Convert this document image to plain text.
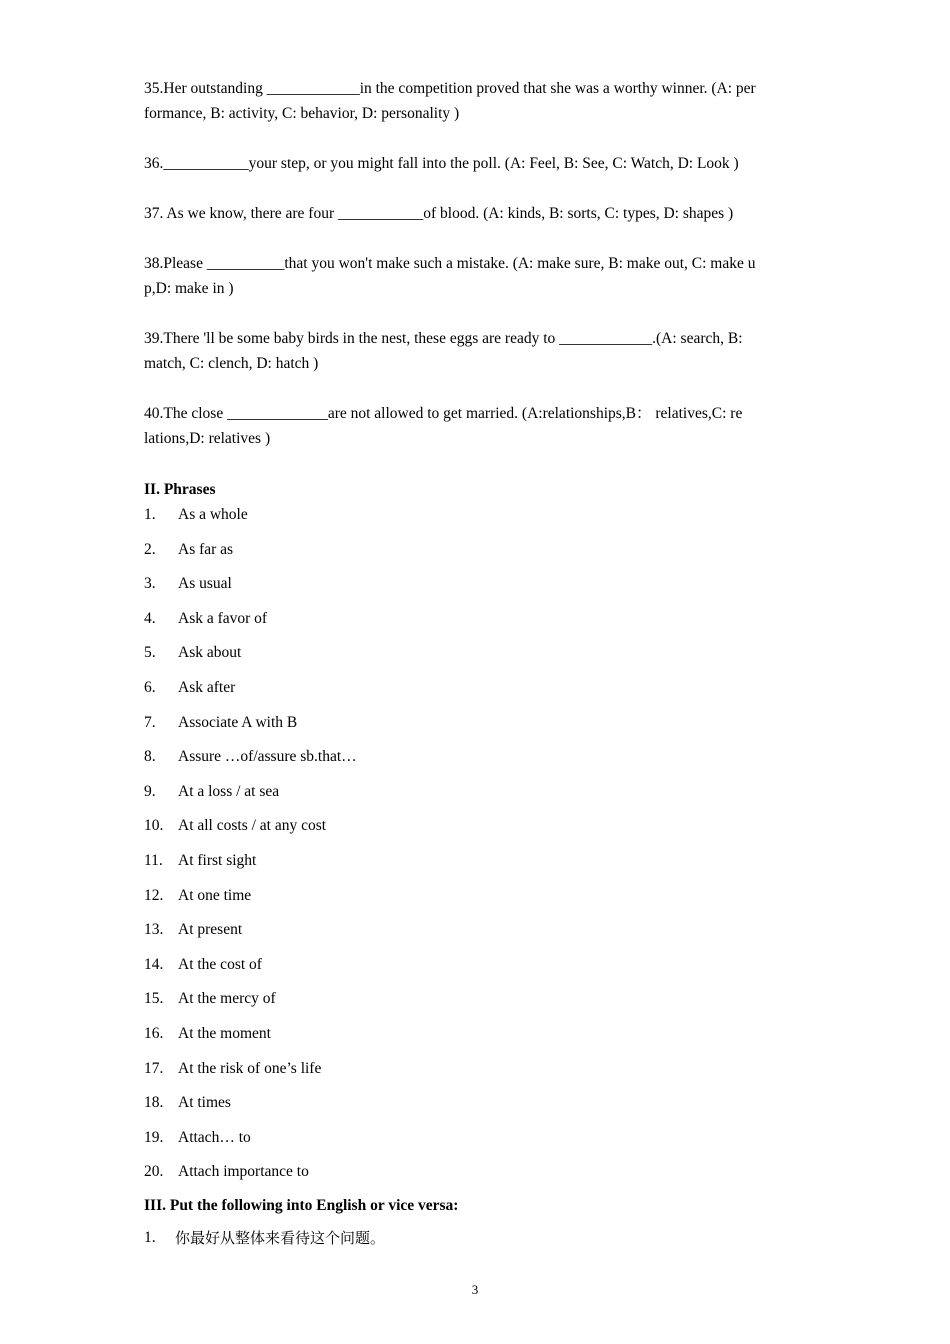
35.Her outstanding ____________in the competition proved that she was a worthy winner. (A: per
formance, B: activity, C: behavior, D: personality )
36.___________your step, or you might fall into the poll. (A: Feel, B: See, C: Watch, D: Look )
37. As we know, there are four ___________of blood. (A: kinds, B: sorts, C: types, D: shapes )
38.Please __________that you won't make such a mistake. (A: make sure, B: make out, C: make u
p,D: make in )
39.There 'll be some baby birds in the nest, these eggs are ready to ____________.(A: search, B:
match, C: clench, D: hatch )
40.The close _____________are not allowed to get married. (A:relationships,B： relatives,C: re
lations,D: relatives )
II. Phrases
1.	As a whole
2.	As far as
3.	As usual
4.	Ask a favor of
5.	Ask about
6.	Ask after
7.	Associate A with B
8.	Assure …of/assure sb.that…
9.	At a loss / at sea
10. At all costs / at any cost
11. At first sight
12. At one time
13. At present
14. At the cost of
15. At the mercy of
16. At the moment
17. At the risk of one’s life
18. At times
19. Attach… to
20. Attach importance to
III. Put the following into English or vice versa:
1.	你最好从整体来看待这个问题。
3
